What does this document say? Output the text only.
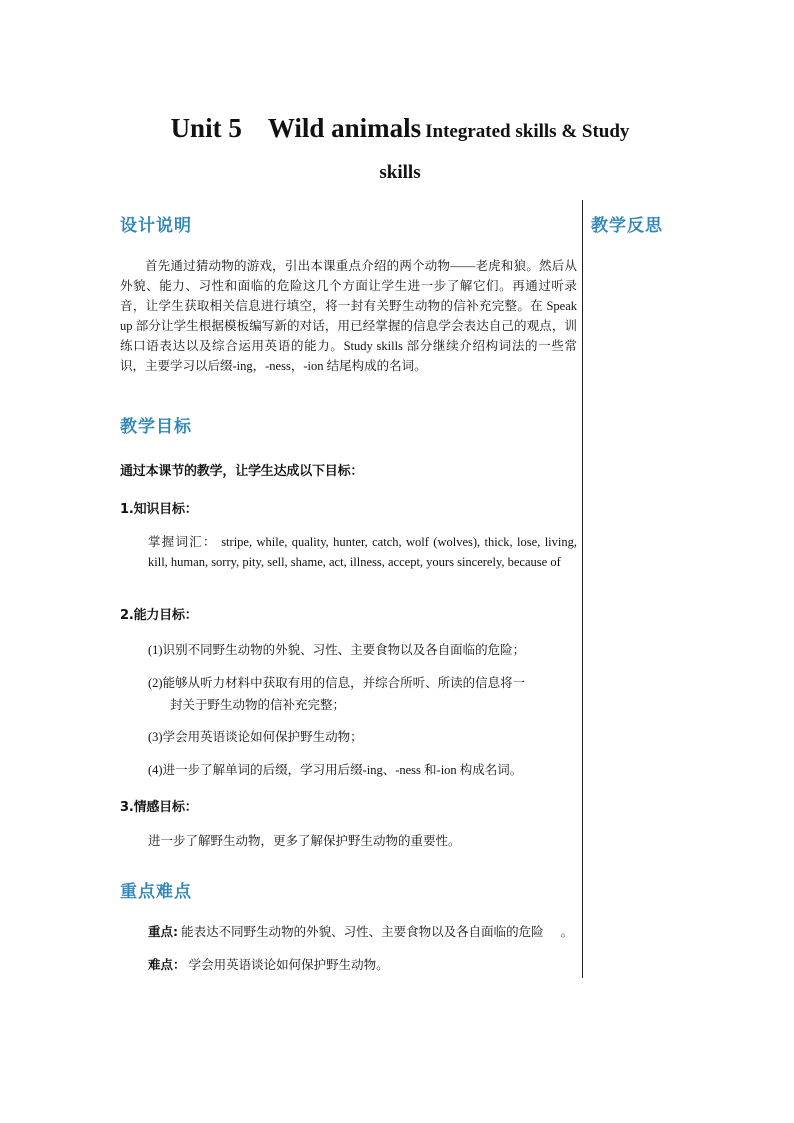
Unit 5 Wild animals Integrated skills & Study
skills
教学反思
设计说明
首先通过猜动物的游戏，引出本课重点介绍的两个动物——老虎和狼。然后从外貌、能力、习性和面临的危险这几个方面让学生进一步了解它们。再通过听录音，让学生获取相关信息进行填空，将一封有关野生动物的信补充完整。在 Speak up 部分让学生根据模板编写新的对话，用已经掌握的信息学会表达自己的观点，训练口语表达以及综合运用英语的能力。Study skills 部分继续介绍构词法的一些常识，主要学习以后缀-ing，-ness，-ion 结尾构成的名词。
教学目标
通过本课节的教学，让学生达成以下目标：
1.知识目标：
掌握词汇： stripe, while, quality, hunter, catch, wolf (wolves), thick, lose, living, kill, human, sorry, pity, sell, shame, act, illness, accept, yours sincerely, because of
2.能力目标：
(1)识别不同野生动物的外貌、习性、主要食物以及各自面临的危险；
(2)能够从听力材料中获取有用的信息，并综合所听、所读的信息将一
封关于野生动物的信补充完整；
(3)学会用英语谈论如何保护野生动物；
(4)进一步了解单词的后缀，学习用后缀-ing、-ness 和-ion 构成名词。
3.情感目标：
进一步了解野生动物，更多了解保护野生动物的重要性。
重点难点
重点: 能表达不同野生动物的外貌、习性、主要食物以及各自面临的危险 。
难点： 学会用英语谈论如何保护野生动物。
